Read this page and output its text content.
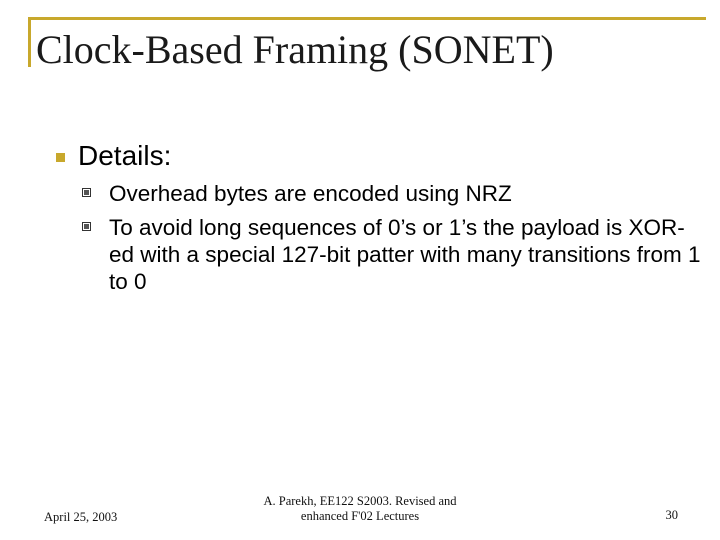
Clock-Based Framing (SONET)
Details:
Overhead bytes are encoded using NRZ
To avoid long sequences of 0’s or 1’s the payload is XOR-ed with a special 127-bit patter with many transitions from 1 to 0
April 25, 2003
A. Parekh, EE122 S2003. Revised and
enhanced F'02 Lectures	30
